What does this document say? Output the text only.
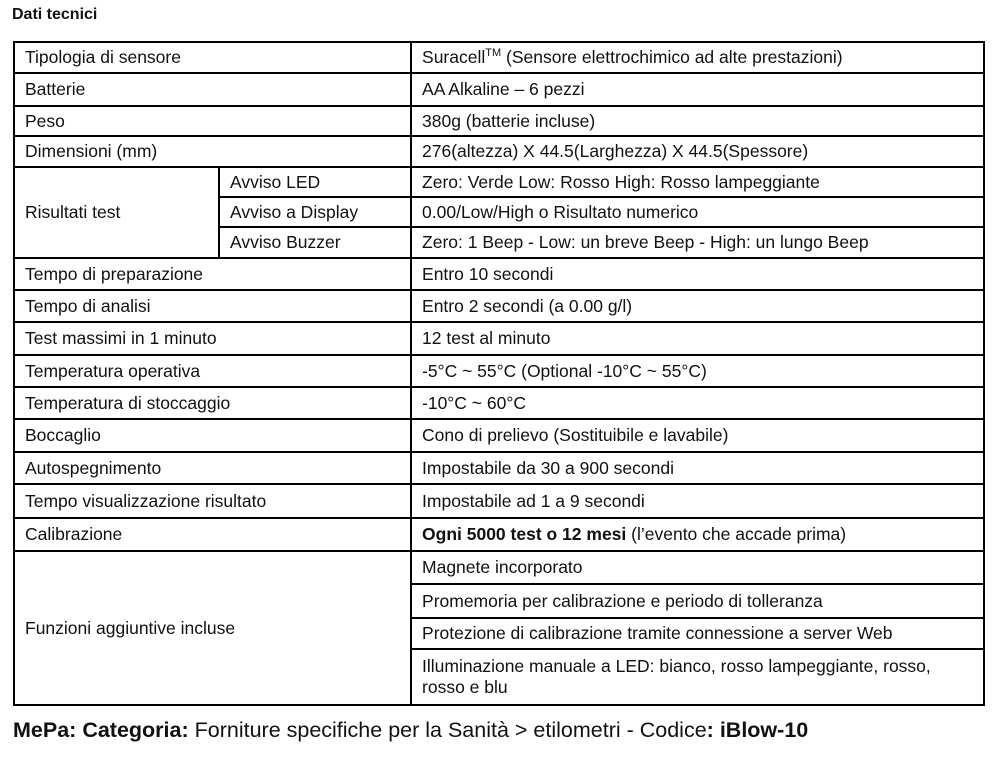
Dati tecnici
Tipologia di sensore		Suracell™ (Sensore elettrochimico ad alte prestazioni)
Batterie		AA Alkaline – 6 pezzi
Peso		380g (batterie incluse)
Dimensioni (mm)		276(altezza) X 44.5(Larghezza) X 44.5(Spessore)
Risultati test	Avviso LED	Zero: Verde Low: Rosso High: Rosso lampeggiante
	Avviso a Display	0.00/Low/High o Risultato numerico
	Avviso Buzzer	Zero: 1 Beep - Low: un breve Beep - High: un lungo Beep
Tempo di preparazione		Entro 10 secondi
Tempo di analisi		Entro 2 secondi (a 0.00 g/l)
Test massimi in 1 minuto		12 test al minuto
Temperatura operativa		-5°C ~ 55°C (Optional -10°C ~ 55°C)
Temperatura di stoccaggio		-10°C ~ 60°C
Boccaglio		Cono di prelievo (Sostituibile e lavabile)
Autospegnimento		Impostabile da 30 a 900 secondi
Tempo visualizzazione risultato		Impostabile ad 1 a 9 secondi
Calibrazione		Ogni 5000 test o 12 mesi (l’evento che accade prima)
Funzioni aggiuntive incluse		Magnete incorporato
		Promemoria per calibrazione e periodo di tolleranza
		Protezione di calibrazione tramite connessione a server Web
		Illuminazione manuale a LED: bianco, rosso lampeggiante, rosso, rosso e blu
MePa: Categoria: Forniture specifiche per la Sanità > etilometri - Codice: iBlow-10
